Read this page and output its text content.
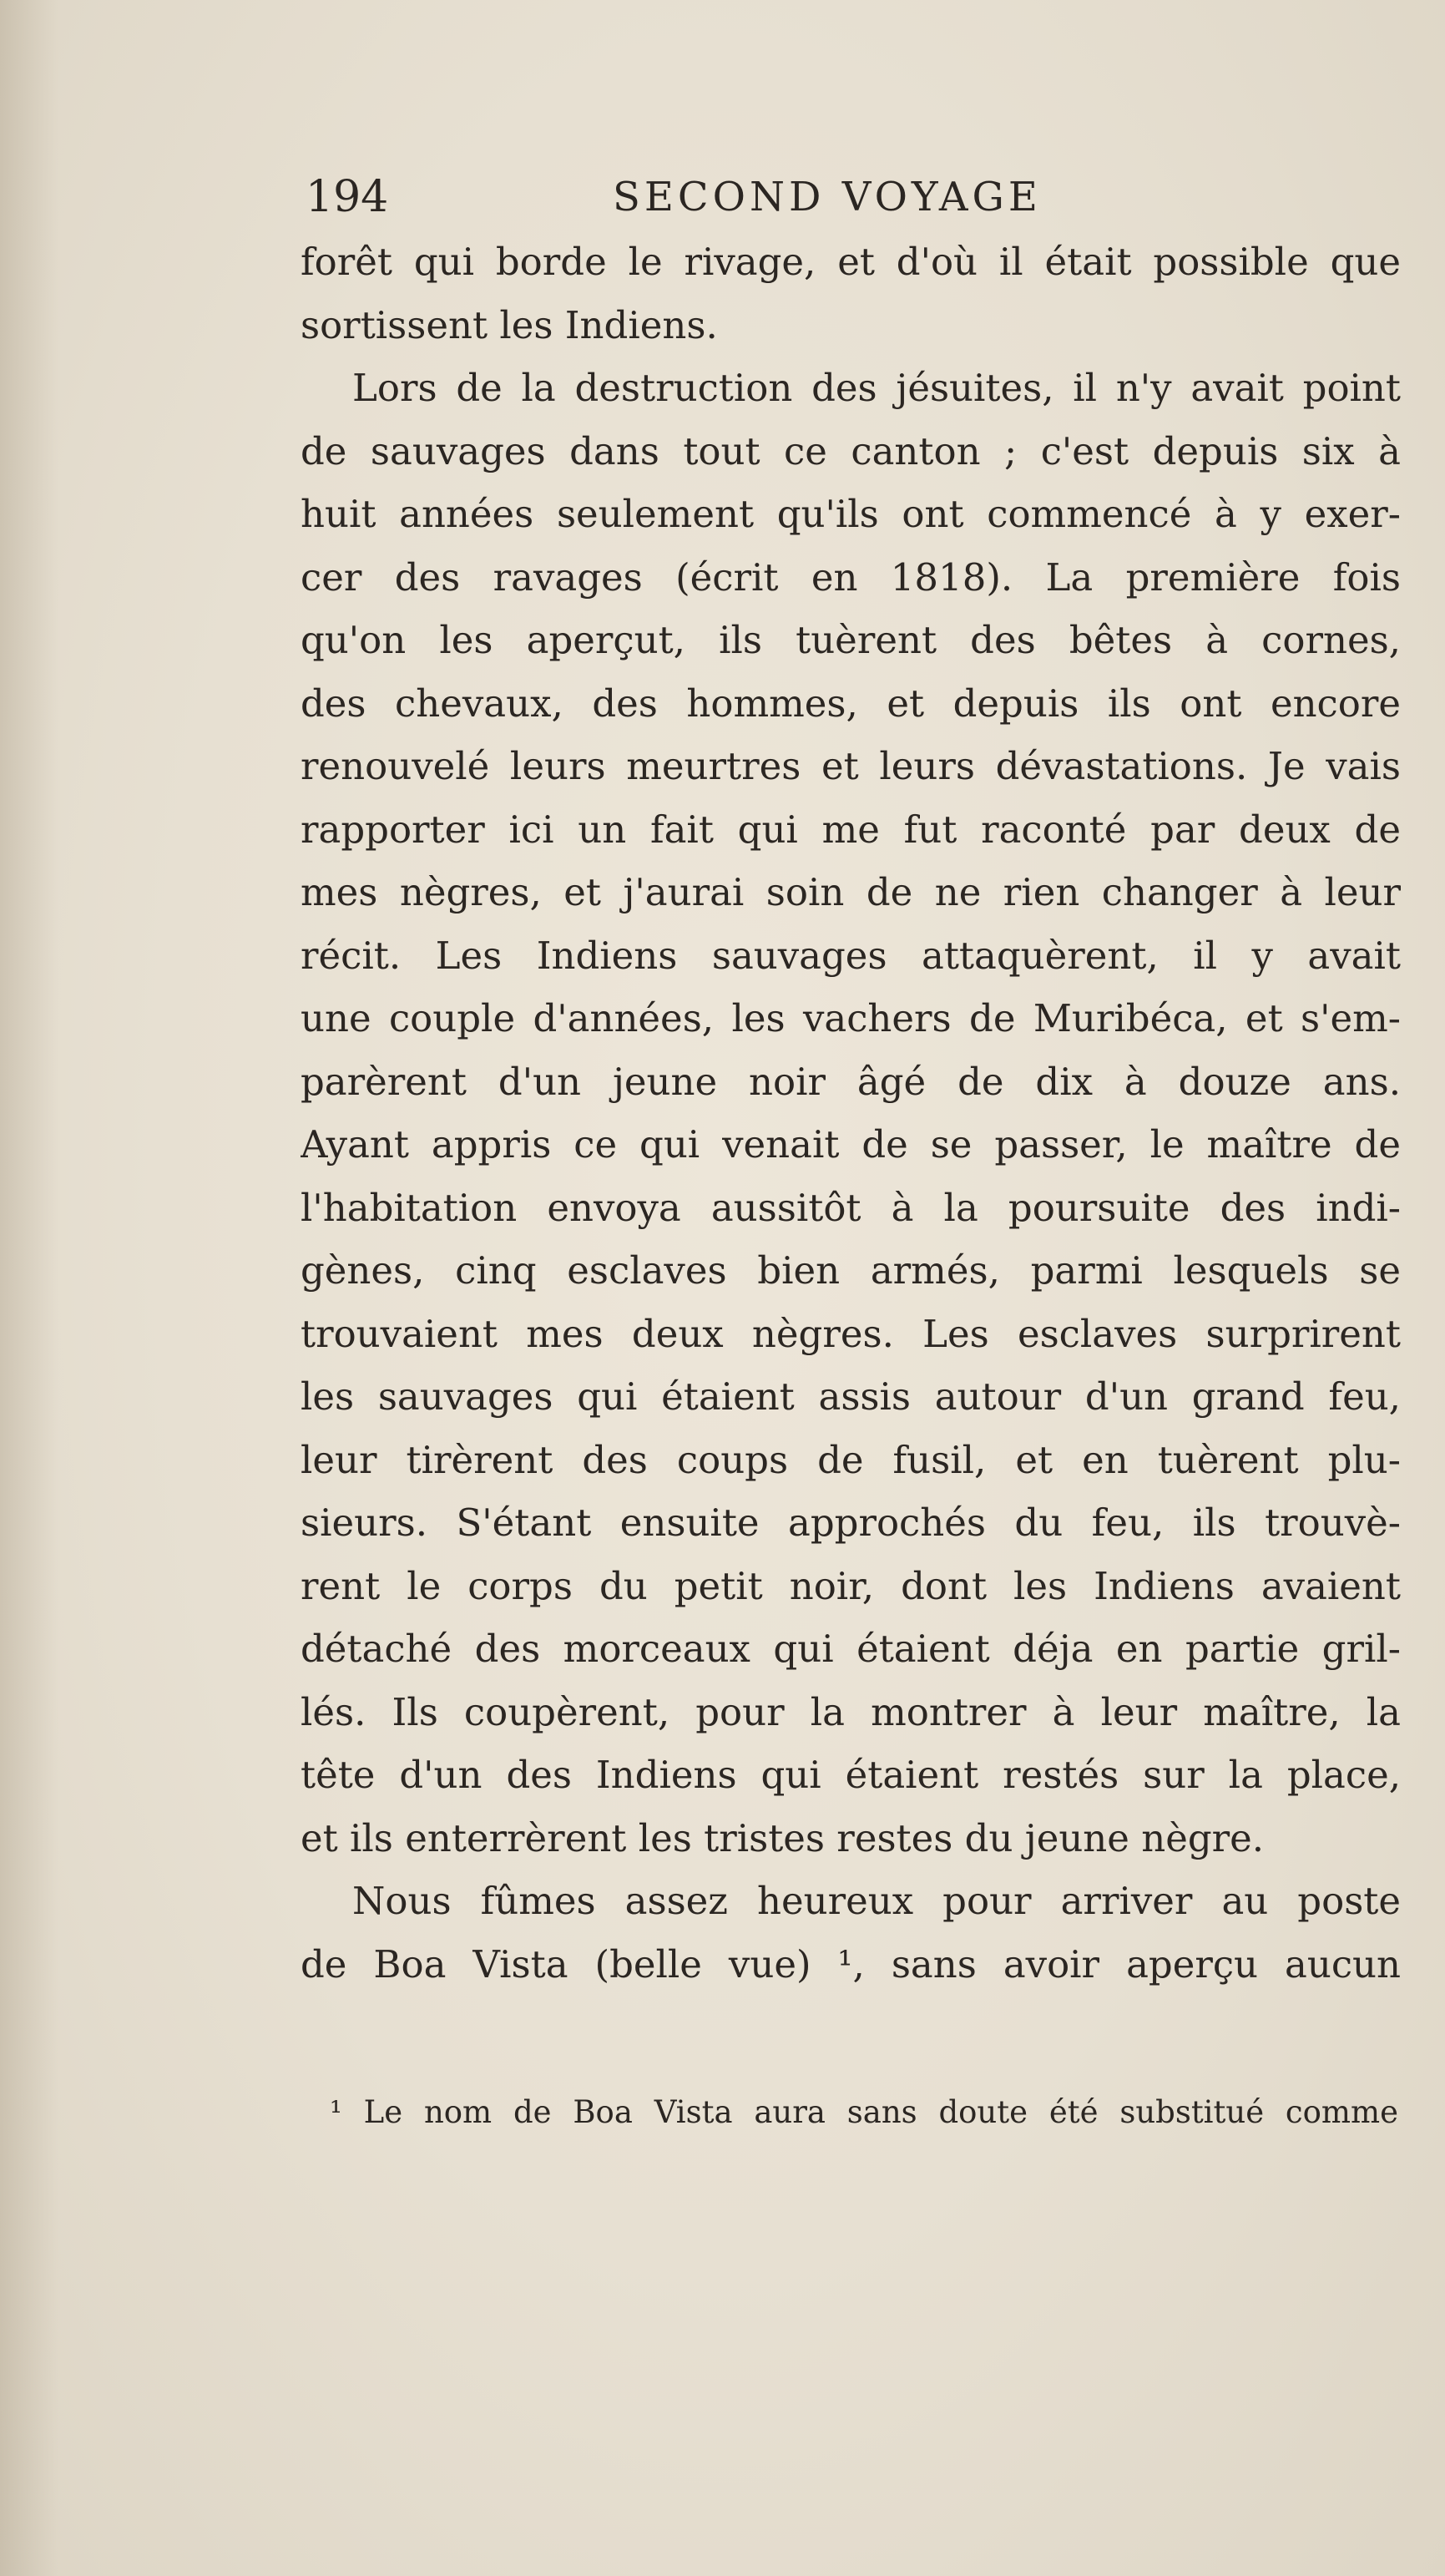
194	SECOND VOYAGE
forêt qui borde le rivage, et d'où il était possible que
sortissent les Indiens.
Lors de la destruction des jésuites, il n'y avait point
de sauvages dans tout ce canton ; c'est depuis six à
huit années seulement qu'ils ont commencé à y exer-
cer des ravages (écrit en 1818). La première fois
qu'on les aperçut, ils tuèrent des bêtes à cornes,
des chevaux, des hommes, et depuis ils ont encore
renouvelé leurs meurtres et leurs dévastations. Je vais
rapporter ici un fait qui me fut raconté par deux de
mes nègres, et j'aurai soin de ne rien changer à leur
récit. Les Indiens sauvages attaquèrent, il y avait
une couple d'années, les vachers de Muribéca, et s'em-
parèrent d'un jeune noir âgé de dix à douze ans.
Ayant appris ce qui venait de se passer, le maître de
l'habitation envoya aussitôt à la poursuite des indi-
gènes, cinq esclaves bien armés, parmi lesquels se
trouvaient mes deux nègres. Les esclaves surprirent
les sauvages qui étaient assis autour d'un grand feu,
leur tirèrent des coups de fusil, et en tuèrent plu-
sieurs. S'étant ensuite approchés du feu, ils trouvè-
rent le corps du petit noir, dont les Indiens avaient
détaché des morceaux qui étaient déja en partie gril-
lés. Ils coupèrent, pour la montrer à leur maître, la
tête d'un des Indiens qui étaient restés sur la place,
et ils enterrèrent les tristes restes du jeune nègre.
Nous fûmes assez heureux pour arriver au poste
de Boa Vista (belle vue) ¹, sans avoir aperçu aucun
¹ Le nom de Boa Vista aura sans doute été substitué comme
